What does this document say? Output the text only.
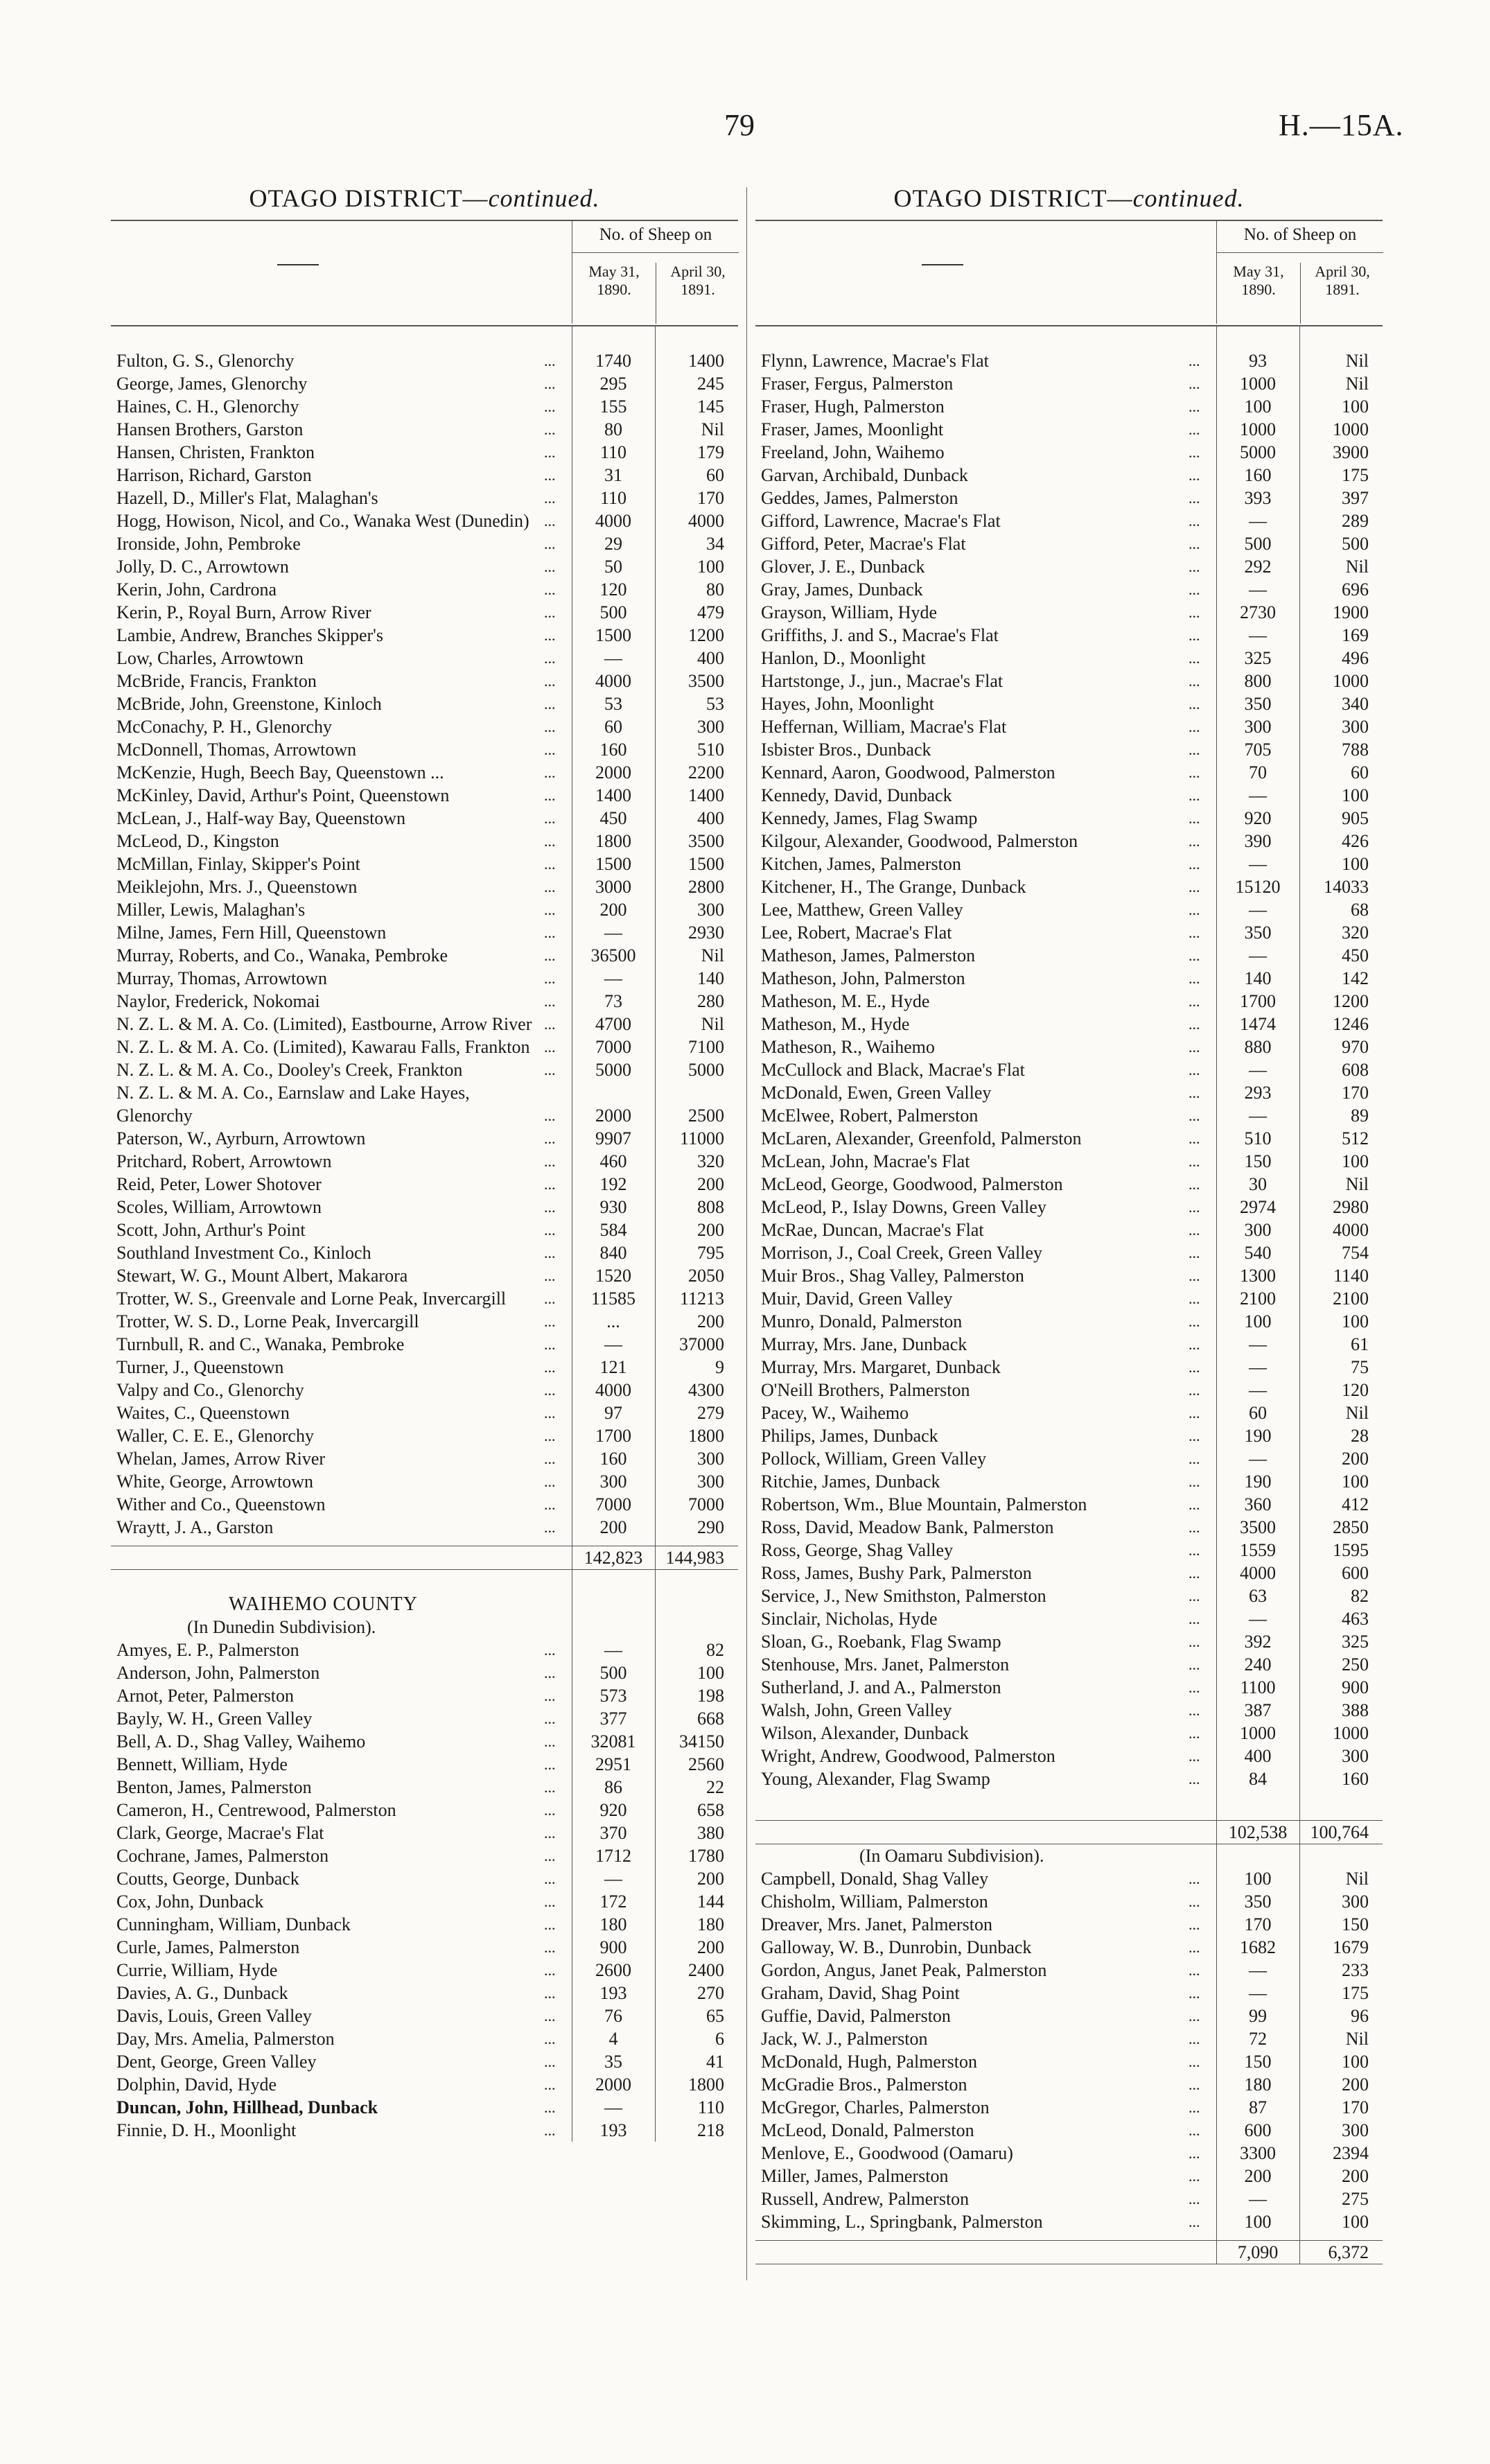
79	H.—15A.
OTAGO DISTRICT—continued.
No. of Sheep on
May 31, 1890.
April 30, 1891.
Fulton, G. S., Glenorchy	...	1740	1400
George, James, Glenorchy	...	295	245
Haines, C. H., Glenorchy	...	155	145
Hansen Brothers, Garston	...	80	Nil
Hansen, Christen, Frankton	...	110	179
Harrison, Richard, Garston	...	31	60
Hazell, D., Miller's Flat, Malaghan's	...	110	170
Hogg, Howison, Nicol, and Co., Wanaka West (Dunedin) ...	4000	4000
Ironside, John, Pembroke	...	29	34
Jolly, D. C., Arrowtown	...	50	100
Kerin, John, Cardrona	...	120	80
Kerin, P., Royal Burn, Arrow River	...	500	479
Lambie, Andrew, Branches Skipper's	...	1500	1200
Low, Charles, Arrowtown	...	—	400
McBride, Francis, Frankton	...	4000	3500
McBride, John, Greenstone, Kinloch	...	53	53
McConachy, P. H., Glenorchy	...	60	300
McDonnell, Thomas, Arrowtown	...	160	510
McKenzie, Hugh, Beech Bay, Queenstown ...	...	2000	2200
McKinley, David, Arthur's Point, Queenstown	...	1400	1400
McLean, J., Half-way Bay, Queenstown	...	450	400
McLeod, D., Kingston	...	1800	3500
McMillan, Finlay, Skipper's Point	...	1500	1500
Meiklejohn, Mrs. J., Queenstown	...	3000	2800
Miller, Lewis, Malaghan's	...	200	300
Milne, James, Fern Hill, Queenstown	...	—	2930
Murray, Roberts, and Co., Wanaka, Pembroke	...	36500	Nil
Murray, Thomas, Arrowtown	...	—	140
Naylor, Frederick, Nokomai	...	73	280
N. Z. L. & M. A. Co. (Limited), Eastbourne, Arrow River ...	4700	Nil
N. Z. L. & M. A. Co. (Limited), Kawarau Falls, Frankton ...	7000	7100
N. Z. L. & M. A. Co., Dooley's Creek, Frankton	...	5000	5000
N. Z. L. & M. A. Co., Earnslaw and Lake Hayes, Glenorchy	...	2000	2500
Paterson, W., Ayrburn, Arrowtown	...	9907	11000
Pritchard, Robert, Arrowtown	...	460	320
Reid, Peter, Lower Shotover	...	192	200
Scoles, William, Arrowtown	...	930	808
Scott, John, Arthur's Point	...	584	200
Southland Investment Co., Kinloch	...	840	795
Stewart, W. G., Mount Albert, Makarora	...	1520	2050
Trotter, W. S., Greenvale and Lorne Peak, Invercargill	...	11585	11213
Trotter, W. S. D., Lorne Peak, Invercargill	...	...	200
Turnbull, R. and C., Wanaka, Pembroke	...	—	37000
Turner, J., Queenstown	...	121	9
Valpy and Co., Glenorchy	...	4000	4300
Waites, C., Queenstown	...	97	279
Waller, C. E. E., Glenorchy	...	1700	1800
Whelan, James, Arrow River	...	160	300
White, George, Arrowtown	...	300	300
Wither and Co., Queenstown	...	7000	7000
Wraytt, J. A., Garston	...	200	290
142,823	144,983
WAIHEMO COUNTY
(In Dunedin Subdivision).
Amyes, E. P., Palmerston	...	—	82
Anderson, John, Palmerston	...	500	100
Arnot, Peter, Palmerston	...	573	198
Bayly, W. H., Green Valley	...	377	668
Bell, A. D., Shag Valley, Waihemo	...	32081	34150
Bennett, William, Hyde	...	2951	2560
Benton, James, Palmerston	...	86	22
Cameron, H., Centrewood, Palmerston	...	920	658
Clark, George, Macrae's Flat	...	370	380
Cochrane, James, Palmerston	...	1712	1780
Coutts, George, Dunback	...	—	200
Cox, John, Dunback	...	172	144
Cunningham, William, Dunback	...	180	180
Curle, James, Palmerston	...	900	200
Currie, William, Hyde	...	2600	2400
Davies, A. G., Dunback	...	193	270
Davis, Louis, Green Valley	...	76	65
Day, Mrs. Amelia, Palmerston	...	4	6
Dent, George, Green Valley	...	35	41
Dolphin, David, Hyde	...	2000	1800
Duncan, John, Hillhead, Dunback	...	—	110
Finnie, D. H., Moonlight	...	193	218
OTAGO DISTRICT—continued.
No. of Sheep on
May 31, 1890.
April 30, 1891.
Flynn, Lawrence, Macrae's Flat	...	93	Nil
Fraser, Fergus, Palmerston	...	1000	Nil
Fraser, Hugh, Palmerston	...	100	100
Fraser, James, Moonlight	...	1000	1000
Freeland, John, Waihemo	...	5000	3900
Garvan, Archibald, Dunback	...	160	175
Geddes, James, Palmerston	...	393	397
Gifford, Lawrence, Macrae's Flat	...	—	289
Gifford, Peter, Macrae's Flat	...	500	500
Glover, J. E., Dunback	...	292	Nil
Gray, James, Dunback	...	—	696
Grayson, William, Hyde	...	2730	1900
Griffiths, J. and S., Macrae's Flat	...	—	169
Hanlon, D., Moonlight	...	325	496
Hartstonge, J., jun., Macrae's Flat	...	800	1000
Hayes, John, Moonlight	...	350	340
Heffernan, William, Macrae's Flat	...	300	300
Isbister Bros., Dunback	...	705	788
Kennard, Aaron, Goodwood, Palmerston	...	70	60
Kennedy, David, Dunback	...	—	100
Kennedy, James, Flag Swamp	...	920	905
Kilgour, Alexander, Goodwood, Palmerston	...	390	426
Kitchen, James, Palmerston	...	—	100
Kitchener, H., The Grange, Dunback	...	15120	14033
Lee, Matthew, Green Valley	...	—	68
Lee, Robert, Macrae's Flat	...	350	320
Matheson, James, Palmerston	...	—	450
Matheson, John, Palmerston	...	140	142
Matheson, M. E., Hyde	...	1700	1200
Matheson, M., Hyde	...	1474	1246
Matheson, R., Waihemo	...	880	970
McCullock and Black, Macrae's Flat	...	—	608
McDonald, Ewen, Green Valley	...	293	170
McElwee, Robert, Palmerston	...	—	89
McLaren, Alexander, Greenfold, Palmerston	...	510	512
McLean, John, Macrae's Flat	...	150	100
McLeod, George, Goodwood, Palmerston	...	30	Nil
McLeod, P., Islay Downs, Green Valley	...	2974	2980
McRae, Duncan, Macrae's Flat	...	300	4000
Morrison, J., Coal Creek, Green Valley	...	540	754
Muir Bros., Shag Valley, Palmerston	...	1300	1140
Muir, David, Green Valley	...	2100	2100
Munro, Donald, Palmerston	...	100	100
Murray, Mrs. Jane, Dunback	...	—	61
Murray, Mrs. Margaret, Dunback	...	—	75
O'Neill Brothers, Palmerston	...	—	120
Pacey, W., Waihemo	...	60	Nil
Philips, James, Dunback	...	190	28
Pollock, William, Green Valley	...	—	200
Ritchie, James, Dunback	...	190	100
Robertson, Wm., Blue Mountain, Palmerston	...	360	412
Ross, David, Meadow Bank, Palmerston	...	3500	2850
Ross, George, Shag Valley	...	1559	1595
Ross, James, Bushy Park, Palmerston	...	4000	600
Service, J., New Smithston, Palmerston	...	63	82
Sinclair, Nicholas, Hyde	...	—	463
Sloan, G., Roebank, Flag Swamp	...	392	325
Stenhouse, Mrs. Janet, Palmerston	...	240	250
Sutherland, J. and A., Palmerston	...	1100	900
Walsh, John, Green Valley	...	387	388
Wilson, Alexander, Dunback	...	1000	1000
Wright, Andrew, Goodwood, Palmerston	...	400	300
Young, Alexander, Flag Swamp	...	84	160
102,538	100,764
(In Oamaru Subdivision).
Campbell, Donald, Shag Valley	...	100	Nil
Chisholm, William, Palmerston	...	350	300
Dreaver, Mrs. Janet, Palmerston	...	170	150
Galloway, W. B., Dunrobin, Dunback	...	1682	1679
Gordon, Angus, Janet Peak, Palmerston	...	—	233
Graham, David, Shag Point	...	—	175
Guffie, David, Palmerston	...	99	96
Jack, W. J., Palmerston	...	72	Nil
McDonald, Hugh, Palmerston	...	150	100
McGradie Bros., Palmerston	...	180	200
McGregor, Charles, Palmerston	...	87	170
McLeod, Donald, Palmerston	...	600	300
Menlove, E., Goodwood (Oamaru)	...	3300	2394
Miller, James, Palmerston	...	200	200
Russell, Andrew, Palmerston	...	—	275
Skimming, L., Springbank, Palmerston	...	100	100
7,090	6,372
